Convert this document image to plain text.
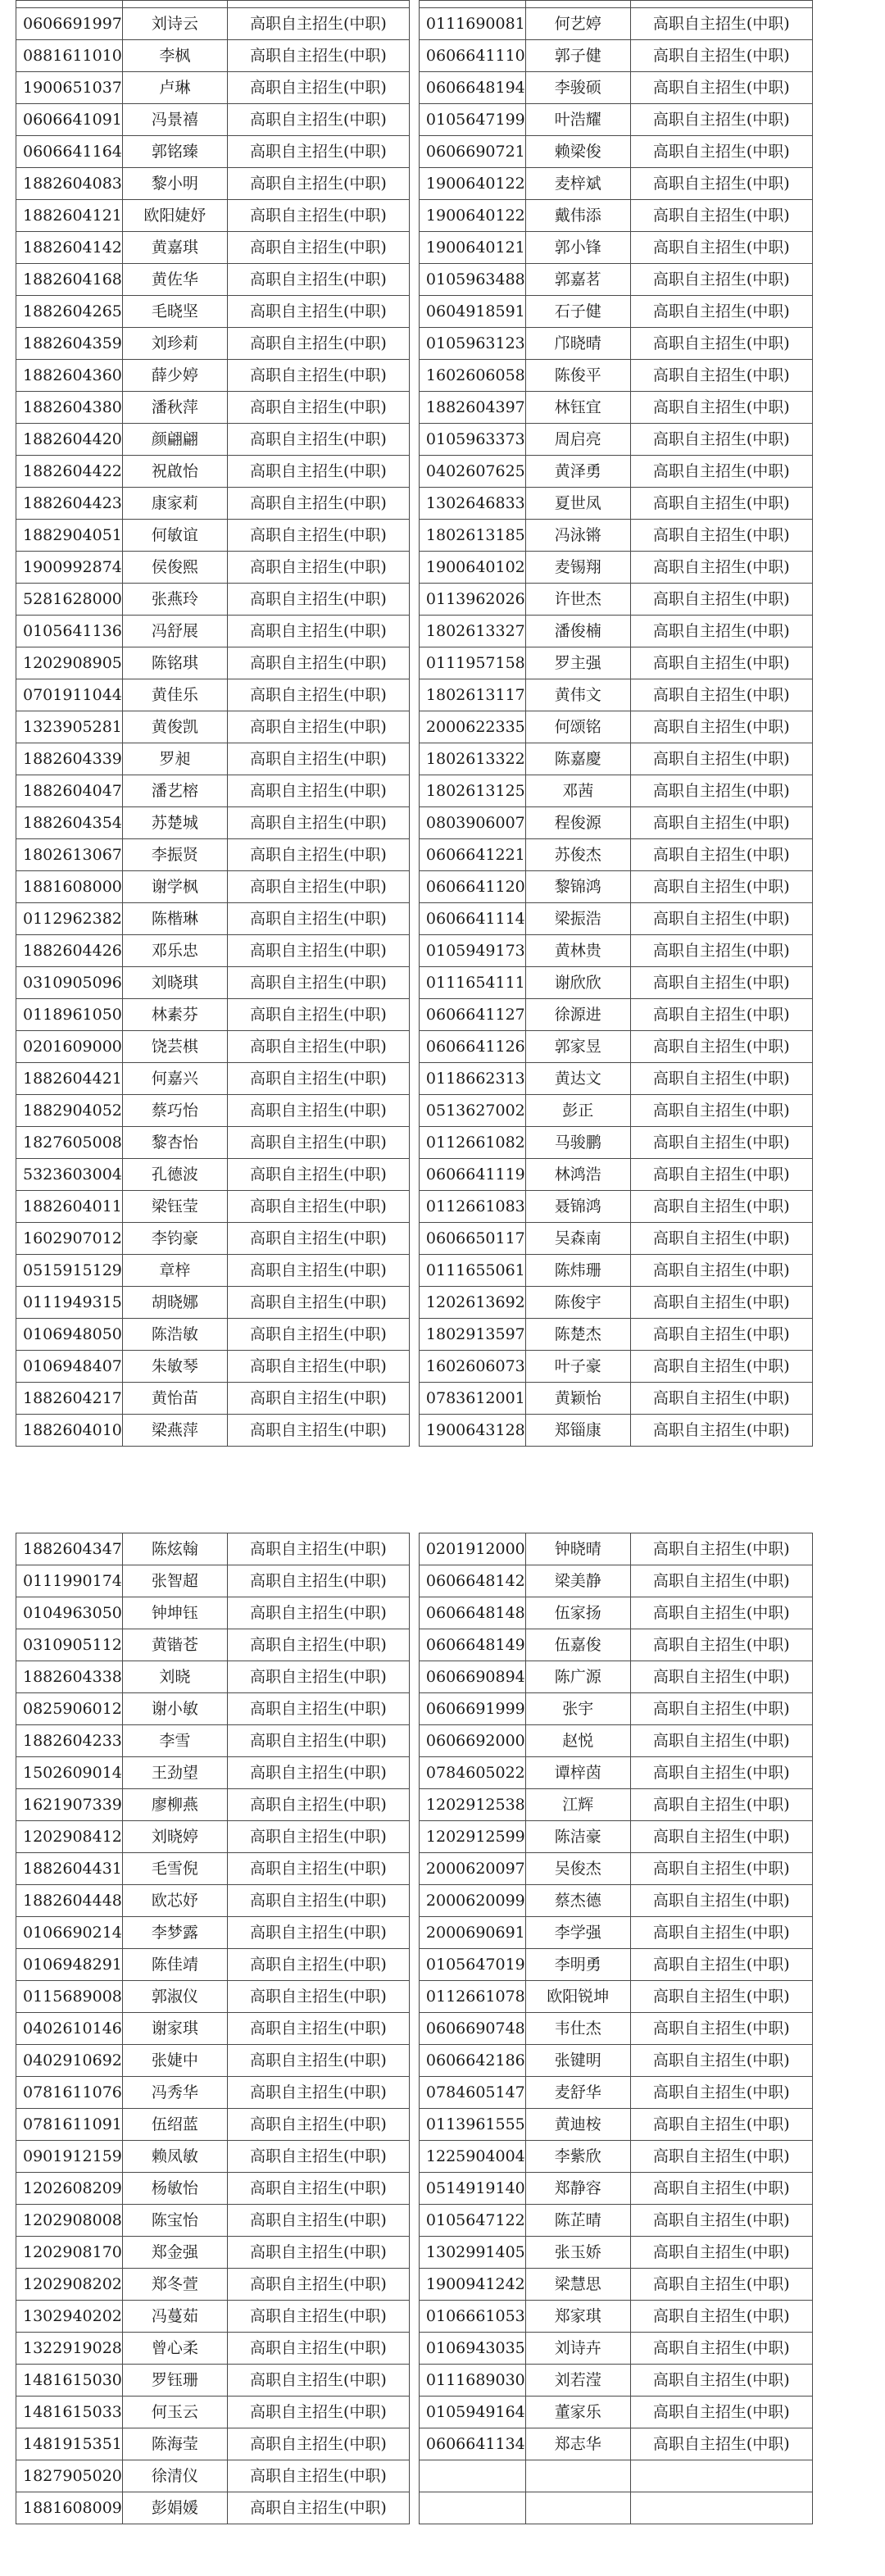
0606691997	刘诗云	高职自主招生(中职)		0111690081	何艺婷	高职自主招生(中职)
0881611010	李枫	高职自主招生(中职)		0606641110	郭子健	高职自主招生(中职)
1900651037	卢琳	高职自主招生(中职)		0606648194	李骏硕	高职自主招生(中职)
0606641091	冯景禧	高职自主招生(中职)		0105647199	叶浩耀	高职自主招生(中职)
0606641164	郭铭臻	高职自主招生(中职)		0606690721	赖梁俊	高职自主招生(中职)
1882604083	黎小明	高职自主招生(中职)		1900640122	麦梓斌	高职自主招生(中职)
1882604121	欧阳婕妤	高职自主招生(中职)		1900640122	戴伟添	高职自主招生(中职)
1882604142	黄嘉琪	高职自主招生(中职)		1900640121	郭小锋	高职自主招生(中职)
1882604168	黄佐华	高职自主招生(中职)		0105963488	郭嘉茗	高职自主招生(中职)
1882604265	毛晓坚	高职自主招生(中职)		0604918591	石子健	高职自主招生(中职)
1882604359	刘珍莉	高职自主招生(中职)		0105963123	邝晓晴	高职自主招生(中职)
1882604360	薛少婷	高职自主招生(中职)		1602606058	陈俊平	高职自主招生(中职)
1882604380	潘秋萍	高职自主招生(中职)		1882604397	林钰宜	高职自主招生(中职)
1882604420	颜翩翩	高职自主招生(中职)		0105963373	周启亮	高职自主招生(中职)
1882604422	祝啟怡	高职自主招生(中职)		0402607625	黄泽勇	高职自主招生(中职)
1882604423	康家莉	高职自主招生(中职)		1302646833	夏世凤	高职自主招生(中职)
1882904051	何敏谊	高职自主招生(中职)		1802613185	冯泳锵	高职自主招生(中职)
1900992874	侯俊熙	高职自主招生(中职)		1900640102	麦锡翔	高职自主招生(中职)
5281628000	张燕玲	高职自主招生(中职)		0113962026	许世杰	高职自主招生(中职)
0105641136	冯舒展	高职自主招生(中职)		1802613327	潘俊楠	高职自主招生(中职)
1202908905	陈铭琪	高职自主招生(中职)		0111957158	罗主强	高职自主招生(中职)
0701911044	黄佳乐	高职自主招生(中职)		1802613117	黄伟文	高职自主招生(中职)
1323905281	黄俊凯	高职自主招生(中职)		2000622335	何颂铭	高职自主招生(中职)
1882604339	罗昶	高职自主招生(中职)		1802613322	陈嘉慶	高职自主招生(中职)
1882604047	潘艺榕	高职自主招生(中职)		1802613125	邓茜	高职自主招生(中职)
1882604354	苏楚城	高职自主招生(中职)		0803906007	程俊源	高职自主招生(中职)
1802613067	李振贤	高职自主招生(中职)		0606641221	苏俊杰	高职自主招生(中职)
1881608000	谢学枫	高职自主招生(中职)		0606641120	黎锦鸿	高职自主招生(中职)
0112962382	陈楷琳	高职自主招生(中职)		0606641114	梁振浩	高职自主招生(中职)
1882604426	邓乐忠	高职自主招生(中职)		0105949173	黄林贵	高职自主招生(中职)
0310905096	刘晓琪	高职自主招生(中职)		0111654111	谢欣欣	高职自主招生(中职)
0118961050	林素芬	高职自主招生(中职)		0606641127	徐源进	高职自主招生(中职)
0201609000	饶芸棋	高职自主招生(中职)		0606641126	郭家昱	高职自主招生(中职)
1882604421	何嘉兴	高职自主招生(中职)		0118662313	黄达文	高职自主招生(中职)
1882904052	蔡巧怡	高职自主招生(中职)		0513627002	彭正	高职自主招生(中职)
1827605008	黎杏怡	高职自主招生(中职)		0112661082	马骏鹏	高职自主招生(中职)
5323603004	孔德波	高职自主招生(中职)		0606641119	林鸿浩	高职自主招生(中职)
1882604011	梁钰莹	高职自主招生(中职)		0112661083	聂锦鸿	高职自主招生(中职)
1602907012	李钧豪	高职自主招生(中职)		0606650117	吴森南	高职自主招生(中职)
0515915129	章梓	高职自主招生(中职)		0111655061	陈炜珊	高职自主招生(中职)
0111949315	胡晓娜	高职自主招生(中职)		1202613692	陈俊宇	高职自主招生(中职)
0106948050	陈浩敏	高职自主招生(中职)		1802913597	陈楚杰	高职自主招生(中职)
0106948407	朱敏琴	高职自主招生(中职)		1602606073	叶子豪	高职自主招生(中职)
1882604217	黄怡苗	高职自主招生(中职)		0783612001	黄颖怡	高职自主招生(中职)
1882604010	梁燕萍	高职自主招生(中职)		1900643128	郑锱康	高职自主招生(中职)
1882604347	陈炫翰	高职自主招生(中职)		0201912000	钟晓晴	高职自主招生(中职)
0111990174	张智超	高职自主招生(中职)		0606648142	梁美静	高职自主招生(中职)
0104963050	钟坤钰	高职自主招生(中职)		0606648148	伍家扬	高职自主招生(中职)
0310905112	黄锴苍	高职自主招生(中职)		0606648149	伍嘉俊	高职自主招生(中职)
1882604338	刘晓	高职自主招生(中职)		0606690894	陈广源	高职自主招生(中职)
0825906012	谢小敏	高职自主招生(中职)		0606691999	张宇	高职自主招生(中职)
1882604233	李雪	高职自主招生(中职)		0606692000	赵悦	高职自主招生(中职)
1502609014	王劲望	高职自主招生(中职)		0784605022	谭梓茵	高职自主招生(中职)
1621907339	廖柳燕	高职自主招生(中职)		1202912538	江辉	高职自主招生(中职)
1202908412	刘晓婷	高职自主招生(中职)		1202912599	陈洁豪	高职自主招生(中职)
1882604431	毛雪倪	高职自主招生(中职)		2000620097	吴俊杰	高职自主招生(中职)
1882604448	欧芯妤	高职自主招生(中职)		2000620099	蔡杰德	高职自主招生(中职)
0106690214	李梦露	高职自主招生(中职)		2000690691	李学强	高职自主招生(中职)
0106948291	陈佳靖	高职自主招生(中职)		0105647019	李明勇	高职自主招生(中职)
0115689008	郭淑仪	高职自主招生(中职)		0112661078	欧阳锐坤	高职自主招生(中职)
0402610146	谢家琪	高职自主招生(中职)		0606690748	韦仕杰	高职自主招生(中职)
0402910692	张婕中	高职自主招生(中职)		0606642186	张键明	高职自主招生(中职)
0781611076	冯秀华	高职自主招生(中职)		0784605147	麦舒华	高职自主招生(中职)
0781611091	伍绍蓝	高职自主招生(中职)		0113961555	黄迪桉	高职自主招生(中职)
0901912159	赖凤敏	高职自主招生(中职)		1225904004	李紫欣	高职自主招生(中职)
1202608209	杨敏怡	高职自主招生(中职)		0514919140	郑静容	高职自主招生(中职)
1202908008	陈宝怡	高职自主招生(中职)		0105647122	陈芷晴	高职自主招生(中职)
1202908170	郑金强	高职自主招生(中职)		1302991405	张玉娇	高职自主招生(中职)
1202908202	郑冬萱	高职自主招生(中职)		1900941242	梁慧思	高职自主招生(中职)
1302940202	冯蔓茹	高职自主招生(中职)		0106661053	郑家琪	高职自主招生(中职)
1322919028	曾心柔	高职自主招生(中职)		0106943035	刘诗卉	高职自主招生(中职)
1481615030	罗钰珊	高职自主招生(中职)		0111689030	刘若滢	高职自主招生(中职)
1481615033	何玉云	高职自主招生(中职)		0105949164	董家乐	高职自主招生(中职)
1481915351	陈海莹	高职自主招生(中职)		0606641134	郑志华	高职自主招生(中职)
1827905020	徐清仪	高职自主招生(中职)				
1881608009	彭娟媛	高职自主招生(中职)				
